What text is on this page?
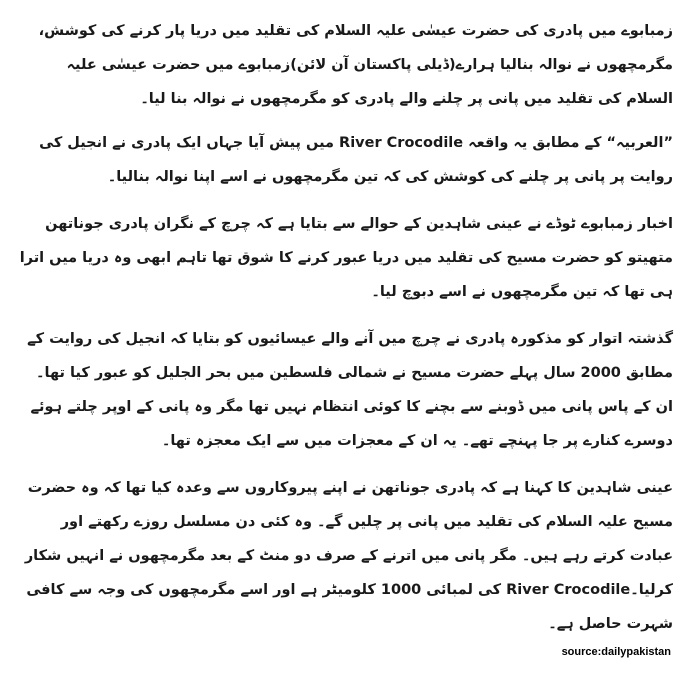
زمبابوے میں پادری کی حضرت عیسٰی علیہ السلام کی تقلید میں دریا پار کرنے کی کوشش، مگرمچھوں نے نوالہ بنالیا ہرارے(ڈیلی پاکستان آن لائن)زمبابوے میں حضرت عیسٰی علیہ السلام کی تقلید میں پانی پر چلنے والے پادری کو مگرمچھوں نے نوالہ بنا لیا۔

”العربیہ“ کے مطابق یہ واقعہ River Crocodile میں پیش آیا جہاں ایک پادری نے انجیل کی روایت پر پانی پر چلنے کی کوشش کی کہ تین مگرمچھوں نے اسے اپنا نوالہ بنالیا۔

اخبار زمبابوے ٹوڈے نے عینی شاہدین کے حوالے سے بتایا ہے کہ چرچ کے نگران پادری جوناتھن متھیتو کو حضرت مسیح کی تقلید میں دریا عبور کرنے کا شوق تھا تاہم ابھی وہ دریا میں اترا ہی تھا کہ تین مگرمچھوں نے اسے دبوچ لیا۔

گذشتہ اتوار کو مذکورہ پادری نے چرچ میں آنے والے عیسائیوں کو بتایا کہ انجیل کی روایت کے مطابق 2000 سال پہلے حضرت مسیح نے شمالی فلسطین میں بحر الجلیل کو عبور کیا تھا۔ ان کے پاس پانی میں ڈوبنے سے بچنے کا کوئی انتظام نہیں تھا مگر وہ پانی کے اوپر چلتے ہوئے دوسرے کنارے پر جا پہنچے تھے۔ یہ ان کے معجزات میں سے ایک معجزہ تھا۔

عینی شاہدین کا کہنا ہے کہ پادری جوناتھن نے اپنے پیروکاروں سے وعدہ کیا تھا کہ وہ حضرت مسیح علیہ السلام کی تقلید میں پانی پر چلیں گے۔ وہ کئی دن مسلسل روزے رکھتے اور عبادت کرتے رہے ہیں۔ مگر پانی میں اترنے کے صرف دو منٹ کے بعد مگرمچھوں نے انہیں شکار کرلیا۔River Crocodile کی لمبائی 1000 کلومیٹر ہے اور اسے مگرمچھوں کی وجہ سے کافی شہرت حاصل ہے۔

source:dailypakistan
